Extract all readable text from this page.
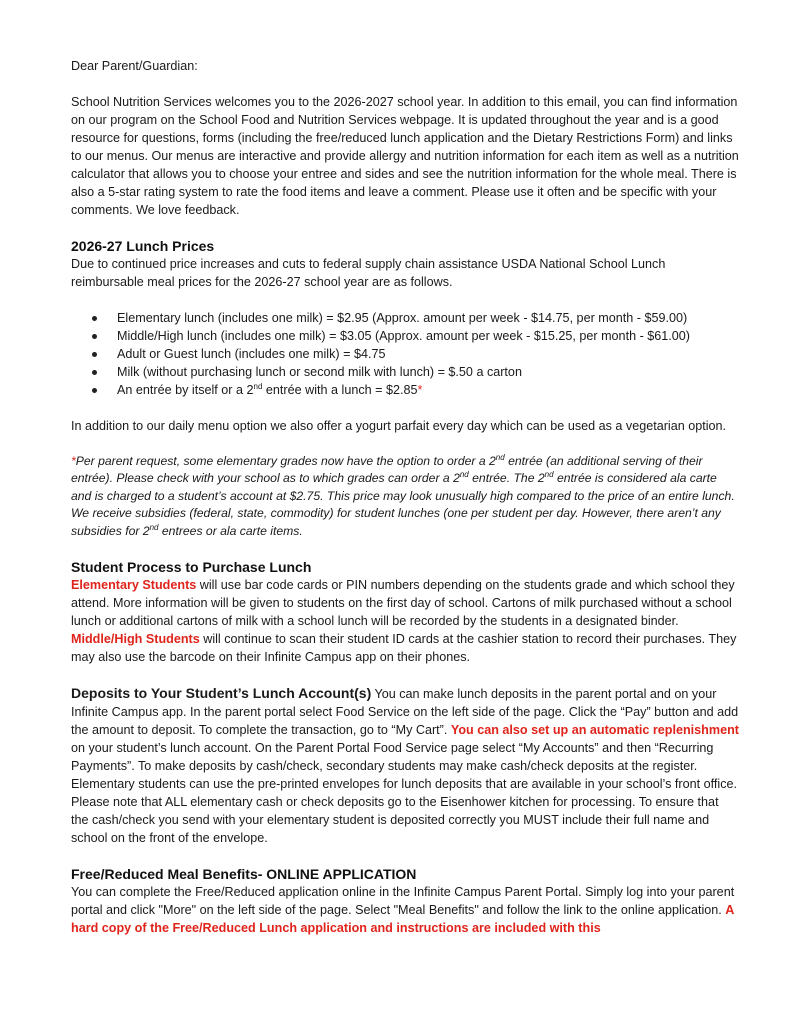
Dear Parent/Guardian:

School Nutrition Services welcomes you to the 2026-2027 school year. In addition to this email, you can find information on our program on the School Food and Nutrition Services webpage. It is updated throughout the year and is a good resource for questions, forms (including the free/reduced lunch application and the Dietary Restrictions Form) and links to our menus. Our menus are interactive and provide allergy and nutrition information for each item as well as a nutrition calculator that allows you to choose your entree and sides and see the nutrition information for the whole meal. There is also a 5-star rating system to rate the food items and leave a comment. Please use it often and be specific with your comments. We love feedback.

2026-27 Lunch Prices

Due to continued price increases and cuts to federal supply chain assistance USDA National School Lunch reimbursable meal prices for the 2026-27 school year are as follows.

Elementary lunch (includes one milk) = $2.95 (Approx. amount per week - $14.75, per month - $59.00)
Middle/High lunch (includes one milk) = $3.05 (Approx. amount per week - $15.25, per month - $61.00)
Adult or Guest lunch (includes one milk) = $4.75
Milk (without purchasing lunch or second milk with lunch) = $.50 a carton
An entrée by itself or a 2nd entrée with a lunch = $2.85*

In addition to our daily menu option we also offer a yogurt parfait every day which can be used as a vegetarian option.

*Per parent request, some elementary grades now have the option to order a 2nd entrée (an additional serving of their entrée). Please check with your school as to which grades can order a 2nd entrée. The 2nd entrée is considered ala carte and is charged to a student’s account at $2.75. This price may look unusually high compared to the price of an entire lunch. We receive subsidies (federal, state, commodity) for student lunches (one per student per day. However, there aren’t any subsidies for 2nd entrees or ala carte items.

Student Process to Purchase Lunch

Elementary Students will use bar code cards or PIN numbers depending on the students grade and which school they attend. More information will be given to students on the first day of school. Cartons of milk purchased without a school lunch or additional cartons of milk with a school lunch will be recorded by the students in a designated binder.

Middle/High Students will continue to scan their student ID cards at the cashier station to record their purchases. They may also use the barcode on their Infinite Campus app on their phones.

Deposits to Your Student’s Lunch Account(s) You can make lunch deposits in the parent portal and on your Infinite Campus app. In the parent portal select Food Service on the left side of the page. Click the “Pay” button and add the amount to deposit. To complete the transaction, go to “My Cart”. You can also set up an automatic replenishment on your student’s lunch account. On the Parent Portal Food Service page select “My Accounts” and then “Recurring Payments”. To make deposits by cash/check, secondary students may make cash/check deposits at the register. Elementary students can use the pre-printed envelopes for lunch deposits that are available in your school’s front office. Please note that ALL elementary cash or check deposits go to the Eisenhower kitchen for processing. To ensure that the cash/check you send with your elementary student is deposited correctly you MUST include their full name and school on the front of the envelope.

Free/Reduced Meal Benefits- ONLINE APPLICATION

You can complete the Free/Reduced application online in the Infinite Campus Parent Portal. Simply log into your parent portal and click "More" on the left side of the page. Select "Meal Benefits" and follow the link to the online application. A hard copy of the Free/Reduced Lunch application and instructions are included with this
